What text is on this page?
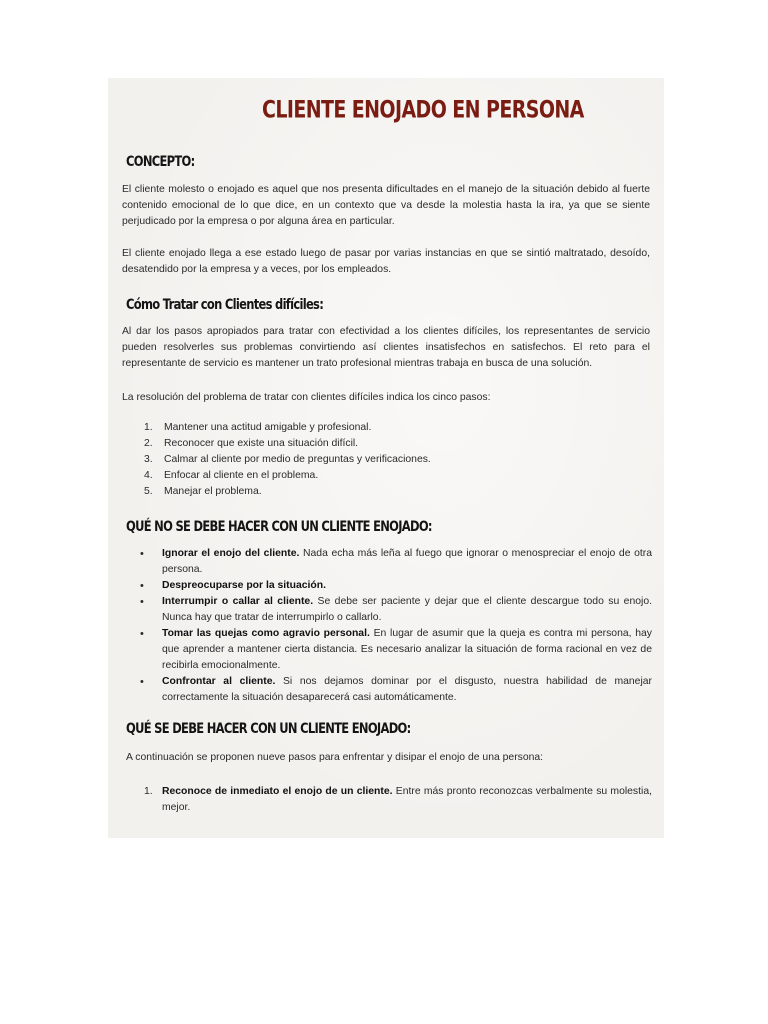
CLIENTE ENOJADO EN PERSONA
CONCEPTO:

El cliente molesto o enojado es aquel que nos presenta dificultades en el manejo de la situación debido al fuerte contenido emocional de lo que dice, en un contexto que va desde la molestia hasta la ira, ya que se siente perjudicado por la empresa o por alguna área en particular.

El cliente enojado llega a ese estado luego de pasar por varias instancias en que se sintió maltratado, desoído, desatendido por la empresa y a veces, por los empleados.

Cómo Tratar con Clientes difíciles:

Al dar los pasos apropiados para tratar con efectividad a los clientes difíciles, los representantes de servicio pueden resolverles sus problemas convirtiendo así clientes insatisfechos en satisfechos. El reto para el representante de servicio es mantener un trato profesional mientras trabaja en busca de una solución.

La resolución del problema de tratar con clientes difíciles indica los cinco pasos:

1.	Mantener una actitud amigable y profesional.
2.	Reconocer que existe una situación difícil.
3.	Calmar al cliente por medio de preguntas y verificaciones.
4.	Enfocar al cliente en el problema.
5.	Manejar el problema.
QUÉ NO SE DEBE HACER CON UN CLIENTE ENOJADO:
•	Ignorar el enojo del cliente. Nada echa más leña al fuego que ignorar o menospreciar el enojo de otra persona.
•	Despreocuparse por la situación.
•	Interrumpir o callar al cliente. Se debe ser paciente y dejar que el cliente descargue todo su enojo. Nunca hay que tratar de interrumpirlo o callarlo.
•	Tomar las quejas como agravio personal. En lugar de asumir que la queja es contra mi persona, hay que aprender a mantener cierta distancia. Es necesario analizar la situación de forma racional en vez de recibirla emocionalmente.
•	Confrontar al cliente. Si nos dejamos dominar por el disgusto, nuestra habilidad de manejar correctamente la situación desaparecerá casi automáticamente.
QUÉ SE DEBE HACER CON UN CLIENTE ENOJADO:

A continuación se proponen nueve pasos para enfrentar y disipar el enojo de una persona:

1. Reconoce de inmediato el enojo de un cliente. Entre más pronto reconozcas verbalmente su molestia, mejor.
